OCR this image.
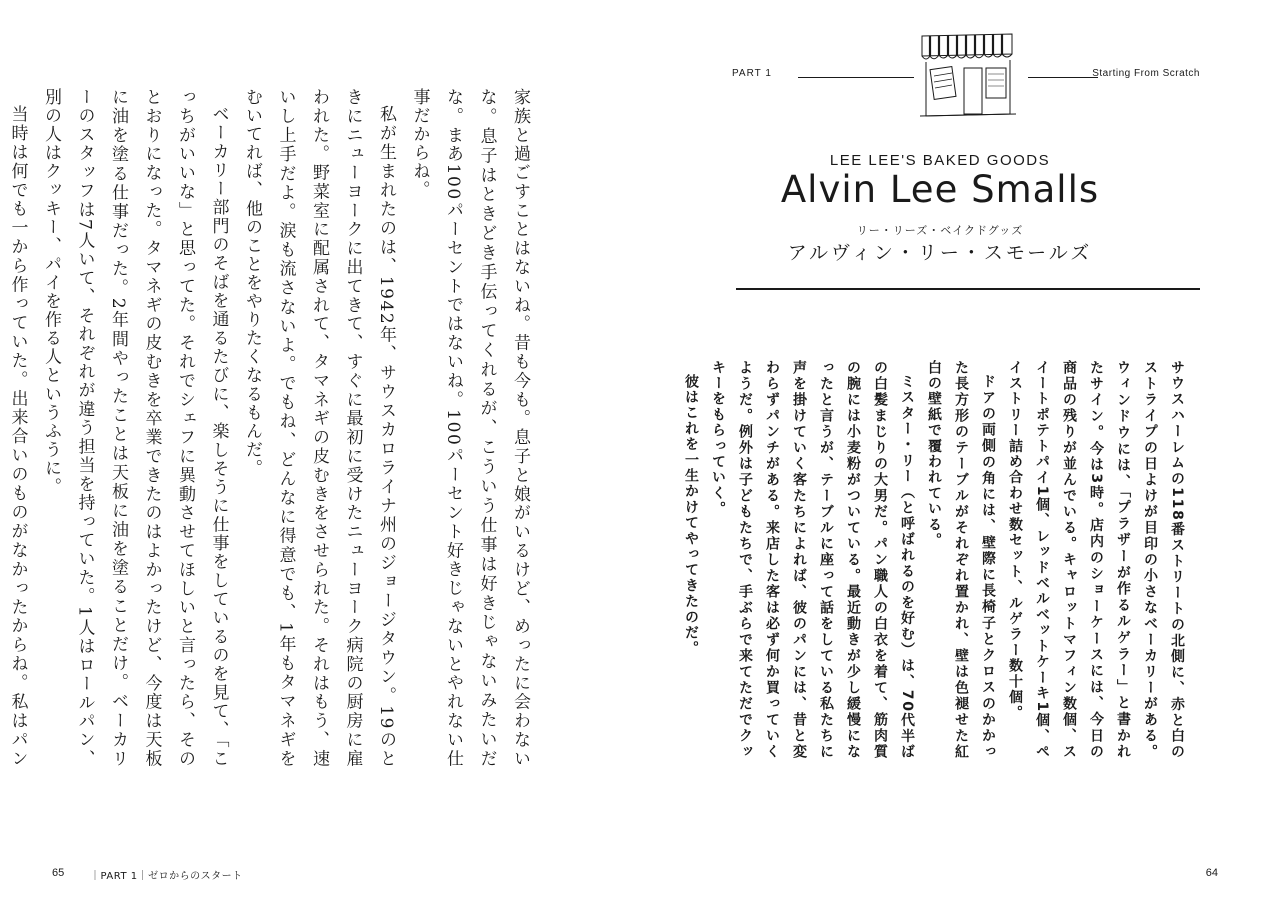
家族と過ごすことはないね。昔も今も。息子と娘がいるけど、めったに会わないな。息子はときどき手伝ってくれるが、こういう仕事は好きじゃないみたいだな。まあ100パーセントではないね。100パーセント好きじゃないとやれない仕事だからね。

私が生まれたのは、1942年、サウスカロライナ州のジョージタウン。19のときにニューヨークに出てきて、すぐに最初に受けたニューヨーク病院の厨房に雇われた。野菜室に配属されて、タマネギの皮むきをさせられた。それはもう、速いし上手だよ。涙も流さないよ。でもね、どんなに得意でも、1年もタマネギをむいてれば、他のことをやりたくなるもんだ。

ベーカリー部門のそばを通るたびに、楽しそうに仕事をしているのを見て、「こっちがいいな」と思ってた。それでシェフに異動させてほしいと言ったら、そのとおりになった。タマネギの皮むきを卒業できたのはよかったけど、今度は天板に油を塗る仕事だった。2年間やったことは天板に油を塗ることだけ。ベーカリーのスタッフは7人いて、それぞれが違う担当を持っていた。1人はロールパン、別の人はクッキー、パイを作る人というふうに。

当時は何でも一から作っていた。出来合いのものがなかったからね。私はパン

65	｜PART 1｜ゼロからのスタート
PART 1	Starting From Scratch
LEE LEE'S BAKED GOODS
Alvin Lee Smalls
リー・リーズ・ベイクドグッズ
アルヴィン・リー・スモールズ

サウスハーレムの118番ストリートの北側に、赤と白のストライプの日よけが目印の小さなベーカリーがある。ウィンドウには、「プラザーが作るルゲラー」と書かれたサイン。今は3時。店内のショーケースには、今日の商品の残りが並んでいる。キャロットマフィン数個、スイートポテトパイ1個、レッドベルベットケーキ1個、ペイストリー詰め合わせ数セット、ルゲラー数十個。

ドアの両側の角には、壁際に長椅子とクロスのかかった長方形のテーブルがそれぞれ置かれ、壁は色褪せた紅白の壁紙で覆われている。

ミスター・リー（と呼ばれるのを好む）は、70代半ばの白髪まじりの大男だ。パン職人の白衣を着て、筋肉質の腕には小麦粉がついている。最近動きが少し緩慢になったと言うが、テーブルに座って話をしている私たちに声を掛けていく客たちによれば、彼のパンには、昔と変わらずパンチがある。来店した客は必ず何か買っていくようだ。例外は子どもたちで、手ぶらで来てただでクッキーをもらっていく。

彼はこれを一生かけてやってきたのだ。

64
